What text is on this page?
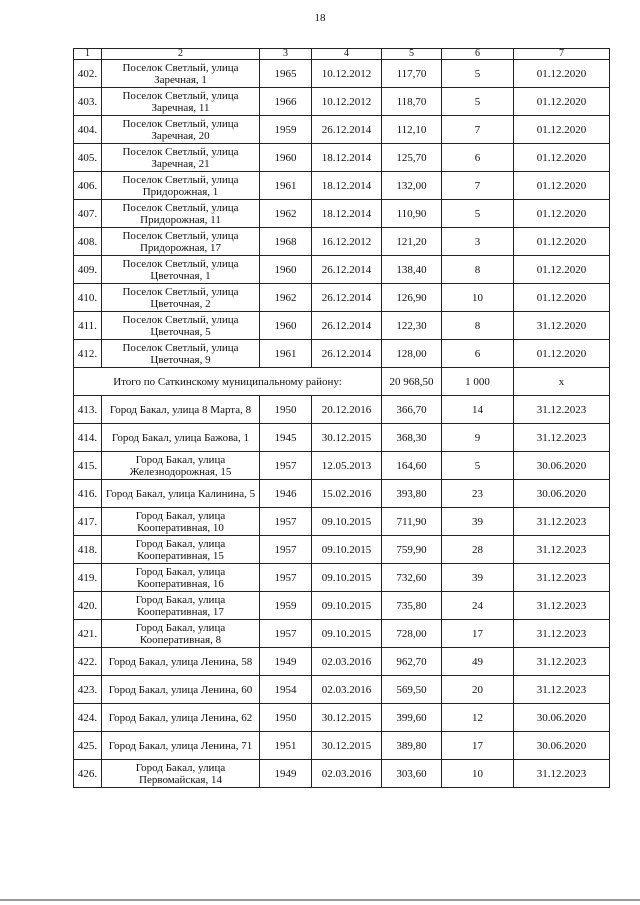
18
1	2	3	4	5	6	7
402.	Поселок Светлый, улица Заречная, 1	1965	10.12.2012	117,70	5	01.12.2020
403.	Поселок Светлый, улица Заречная, 11	1966	10.12.2012	118,70	5	01.12.2020
404.	Поселок Светлый, улица Заречная, 20	1959	26.12.2014	112,10	7	01.12.2020
405.	Поселок Светлый, улица Заречная, 21	1960	18.12.2014	125,70	6	01.12.2020
406.	Поселок Светлый, улица Придорожная, 1	1961	18.12.2014	132,00	7	01.12.2020
407.	Поселок Светлый, улица Придорожная, 11	1962	18.12.2014	110,90	5	01.12.2020
408.	Поселок Светлый, улица Придорожная, 17	1968	16.12.2012	121,20	3	01.12.2020
409.	Поселок Светлый, улица Цветочная, 1	1960	26.12.2014	138,40	8	01.12.2020
410.	Поселок Светлый, улица Цветочная, 2	1962	26.12.2014	126,90	10	01.12.2020
411.	Поселок Светлый, улица Цветочная, 5	1960	26.12.2014	122,30	8	31.12.2020
412.	Поселок Светлый, улица Цветочная, 9	1961	26.12.2014	128,00	6	01.12.2020
Итого по Саткинскому муниципальному району:				20 968,50	1 000	x
413.	Город Бакал, улица 8 Марта, 8	1950	20.12.2016	366,70	14	31.12.2023
414.	Город Бакал, улица Бажова, 1	1945	30.12.2015	368,30	9	31.12.2023
415.	Город Бакал, улица Железнодорожная, 15	1957	12.05.2013	164,60	5	30.06.2020
416.	Город Бакал, улица Калинина, 5	1946	15.02.2016	393,80	23	30.06.2020
417.	Город Бакал, улица Кооперативная, 10	1957	09.10.2015	711,90	39	31.12.2023
418.	Город Бакал, улица Кооперативная, 15	1957	09.10.2015	759,90	28	31.12.2023
419.	Город Бакал, улица Кооперативная, 16	1957	09.10.2015	732,60	39	31.12.2023
420.	Город Бакал, улица Кооперативная, 17	1959	09.10.2015	735,80	24	31.12.2023
421.	Город Бакал, улица Кооперативная, 8	1957	09.10.2015	728,00	17	31.12.2023
422.	Город Бакал, улица Ленина, 58	1949	02.03.2016	962,70	49	31.12.2023
423.	Город Бакал, улица Ленина, 60	1954	02.03.2016	569,50	20	31.12.2023
424.	Город Бакал, улица Ленина, 62	1950	30.12.2015	399,60	12	30.06.2020
425.	Город Бакал, улица Ленина, 71	1951	30.12.2015	389,80	17	30.06.2020
426.	Город Бакал, улица Первомайская, 14	1949	02.03.2016	303,60	10	31.12.2023
